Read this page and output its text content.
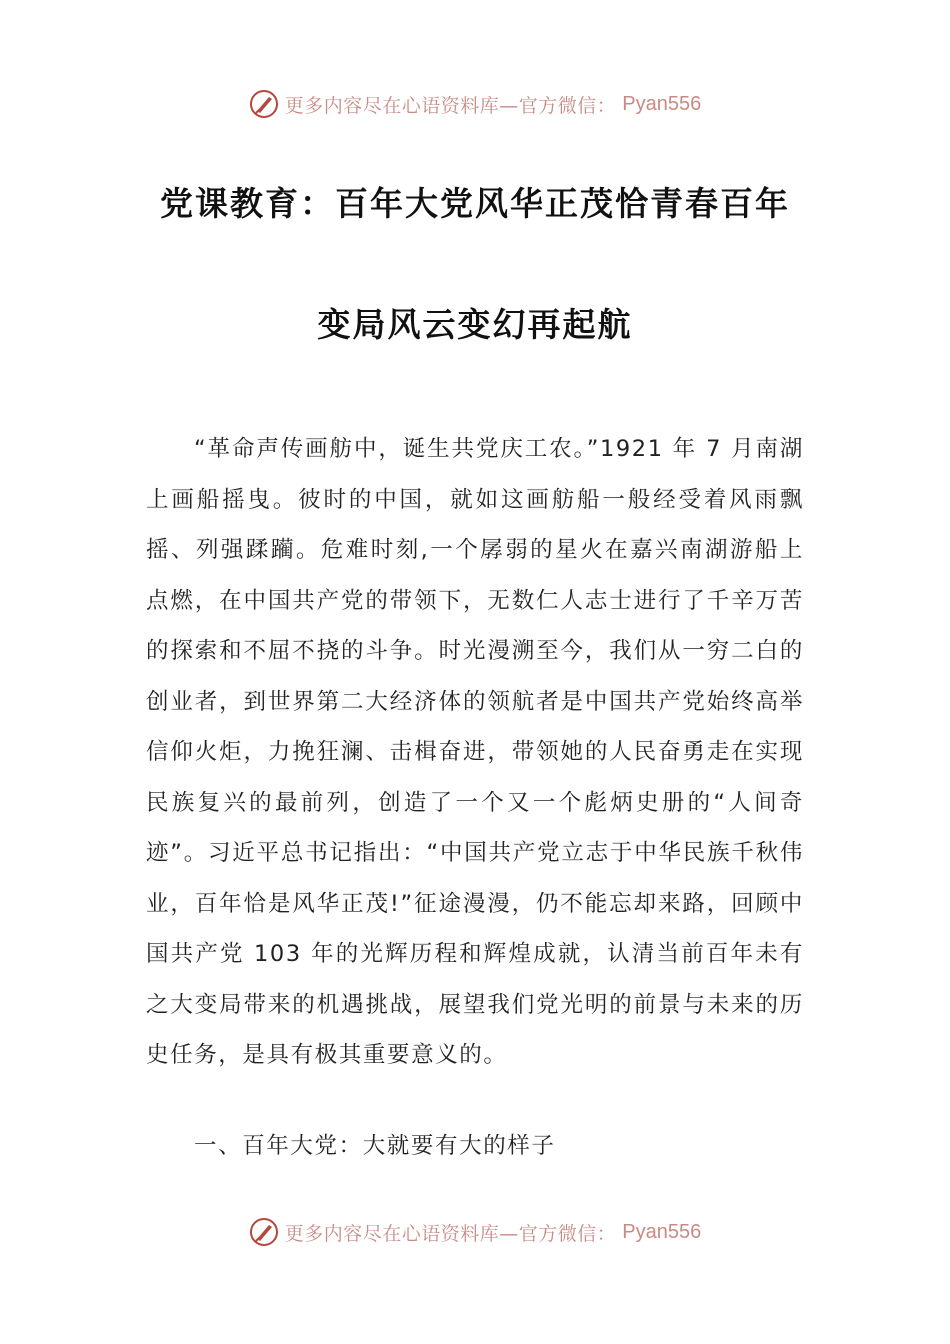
更多内容尽在心语资料库—官方微信： Pyan556
党课教育：百年大党风华正茂恰青春百年
变局风云变幻再起航

“革命声传画舫中，诞生共党庆工农。”1921 年 7 月南湖上画船摇曳。彼时的中国，就如这画舫船一般经受着风雨飘摇、列强蹂躏。危难时刻,一个孱弱的星火在嘉兴南湖游船上点燃，在中国共产党的带领下，无数仁人志士进行了千辛万苦的探索和不屈不挠的斗争。时光漫溯至今，我们从一穷二白的创业者，到世界第二大经济体的领航者是中国共产党始终高举信仰火炬，力挽狂澜、击楫奋进，带领她的人民奋勇走在实现民族复兴的最前列，创造了一个又一个彪炳史册的“人间奇迹”。习近平总书记指出：“中国共产党立志于中华民族千秋伟业，百年恰是风华正茂!”征途漫漫，仍不能忘却来路，回顾中国共产党 103 年的光辉历程和辉煌成就，认清当前百年未有之大变局带来的机遇挑战，展望我们党光明的前景与未来的历史任务，是具有极其重要意义的。

一、百年大党：大就要有大的样子

更多内容尽在心语资料库—官方微信： Pyan556
